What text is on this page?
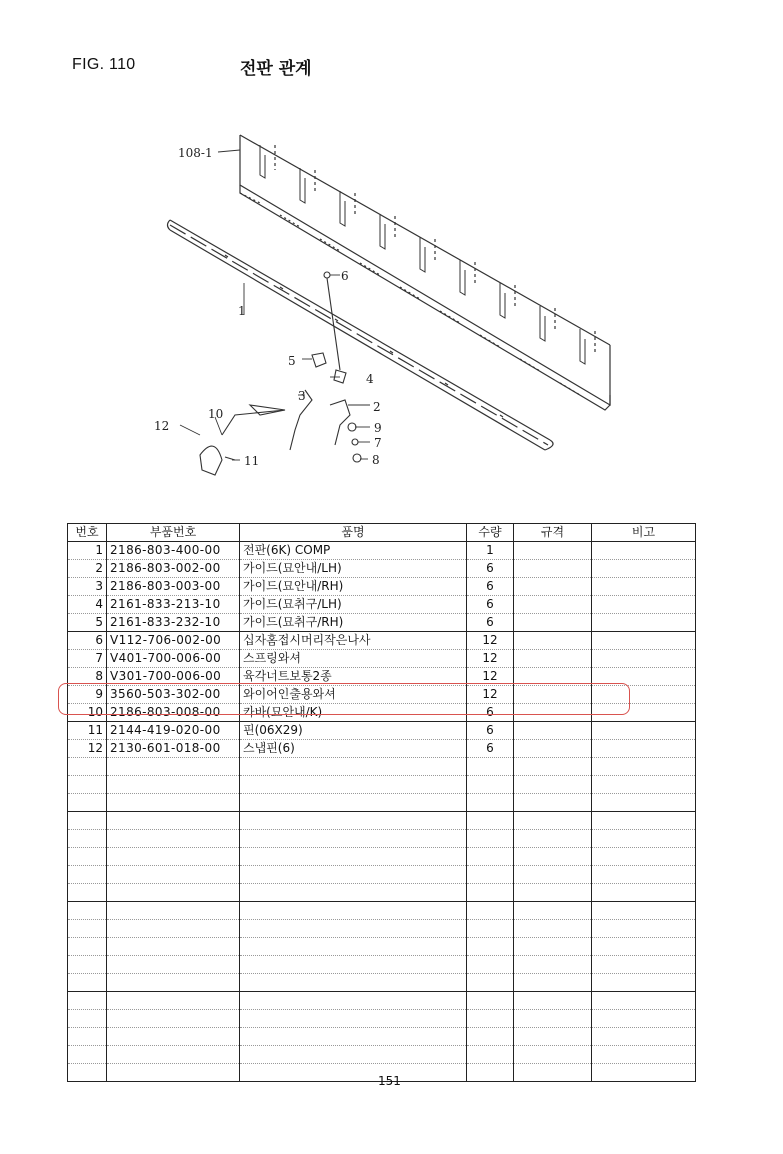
FIG. 110	전판 관계
108-1
1
6
5
4
3
2
9
7
8
10
12
11
번호	부품번호	품명	수량	규격	비고
1	2186-803-400-00	전판(6K) COMP	1		
2	2186-803-002-00	가이드(묘안내/LH)	6		
3	2186-803-003-00	가이드(묘안내/RH)	6		
4	2161-833-213-10	가이드(묘취구/LH)	6		
5	2161-833-232-10	가이드(묘취구/RH)	6		
6	V112-706-002-00	십자홈접시머리작은나사	12		
7	V401-700-006-00	스프링와셔	12		
8	V301-700-006-00	육각너트보통2종	12		
9	3560-503-302-00	와이어인출용와셔	12		
10	2186-803-008-00	카바(묘안내/K)	6		
11	2144-419-020-00	핀(06X29)	6		
12	2130-601-018-00	스냅핀(6)	6		

151
